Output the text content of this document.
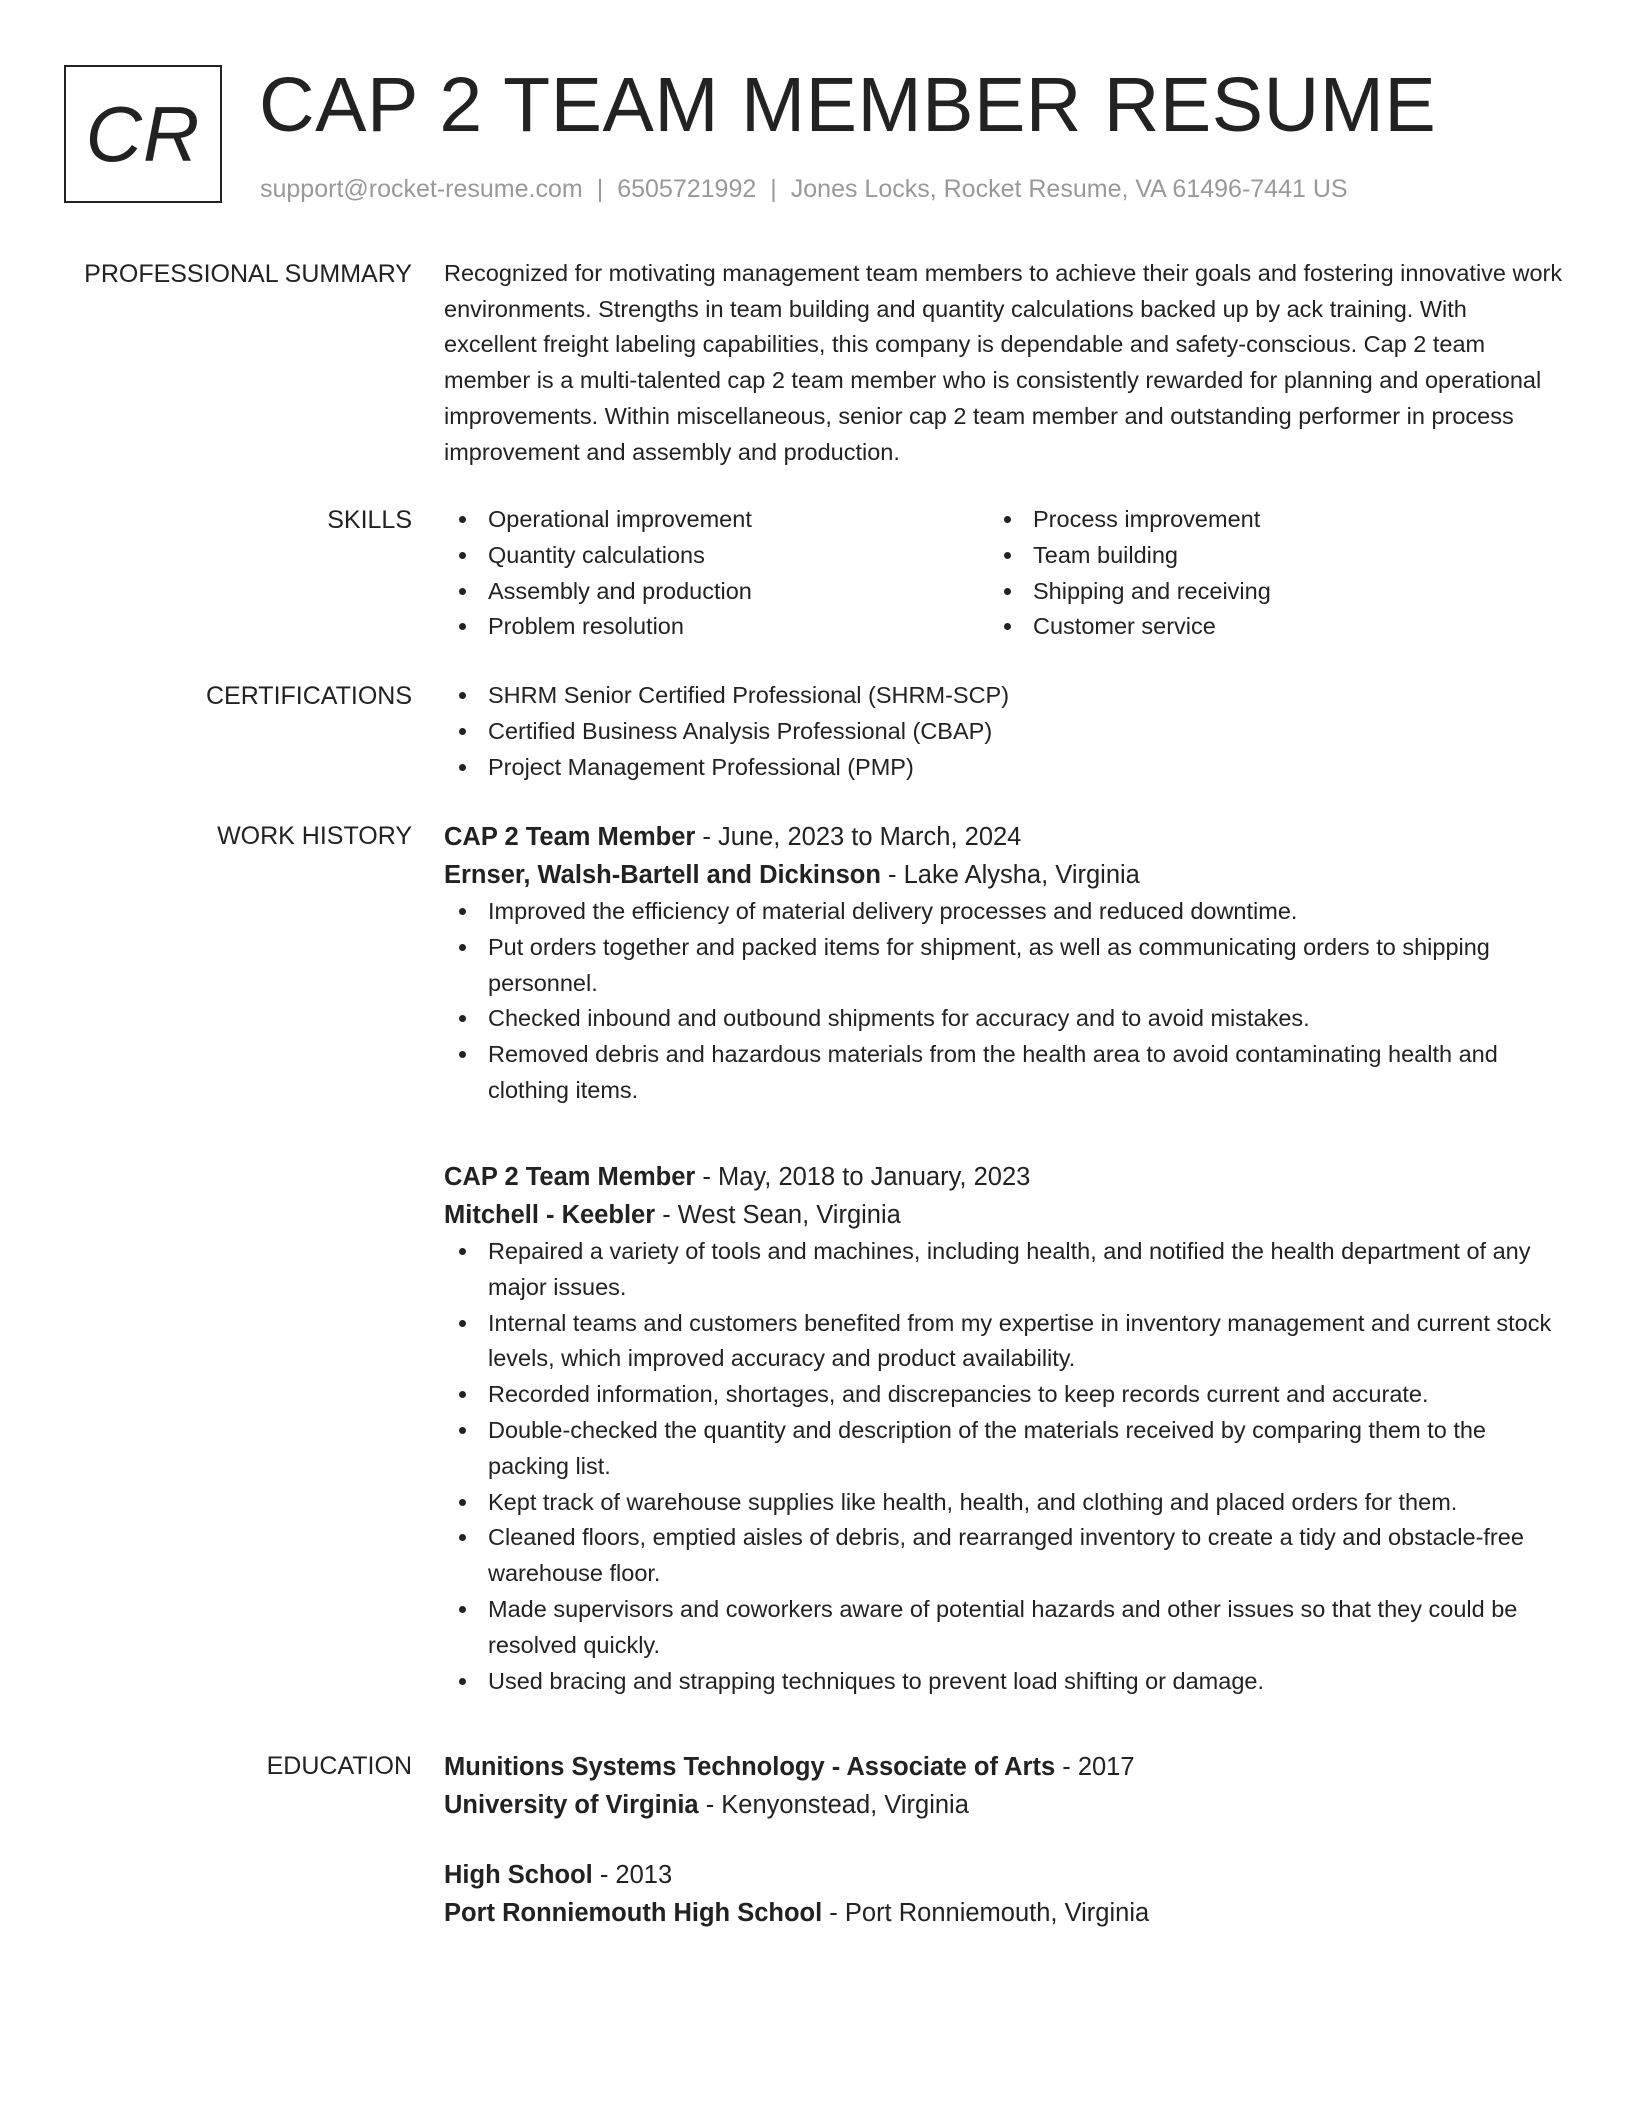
CR CAP 2 TEAM MEMBER RESUME
support@rocket-resume.com | 6505721992 | Jones Locks, Rocket Resume, VA 61496-7441 US
PROFESSIONAL SUMMARY Recognized for motivating management team members to achieve their goals and fostering innovative work environments. Strengths in team building and quantity calculations backed up by ack training. With excellent freight labeling capabilities, this company is dependable and safety-conscious. Cap 2 team member is a multi-talented cap 2 team member who is consistently rewarded for planning and operational improvements. Within miscellaneous, senior cap 2 team member and outstanding performer in process improvement and assembly and production.

SKILLS	Operational improvement
Quantity calculations
Assembly and production
Problem resolution
Process improvement
Team building
Shipping and receiving
Customer service
CERTIFICATIONS	SHRM Senior Certified Professional (SHRM-SCP)
Certified Business Analysis Professional (CBAP)
Project Management Professional (PMP)
WORK HISTORY CAP 2 Team Member - June, 2023 to March, 2024
Ernser, Walsh-Bartell and Dickinson - Lake Alysha, Virginia
Improved the efficiency of material delivery processes and reduced downtime.
Put orders together and packed items for shipment, as well as communicating orders to shipping personnel.
Checked inbound and outbound shipments for accuracy and to avoid mistakes.
Removed debris and hazardous materials from the health area to avoid contaminating health and clothing items.
CAP 2 Team Member - May, 2018 to January, 2023
Mitchell - Keebler - West Sean, Virginia
Repaired a variety of tools and machines, including health, and notified the health department of any major issues.
Internal teams and customers benefited from my expertise in inventory management and current stock levels, which improved accuracy and product availability.
Recorded information, shortages, and discrepancies to keep records current and accurate.
Double-checked the quantity and description of the materials received by comparing them to the packing list.
Kept track of warehouse supplies like health, health, and clothing and placed orders for them.
Cleaned floors, emptied aisles of debris, and rearranged inventory to create a tidy and obstacle-free warehouse floor.
Made supervisors and coworkers aware of potential hazards and other issues so that they could be resolved quickly.
Used bracing and strapping techniques to prevent load shifting or damage.
EDUCATION Munitions Systems Technology - Associate of Arts - 2017
University of Virginia - Kenyonstead, Virginia
High School - 2013
Port Ronniemouth High School - Port Ronniemouth, Virginia
